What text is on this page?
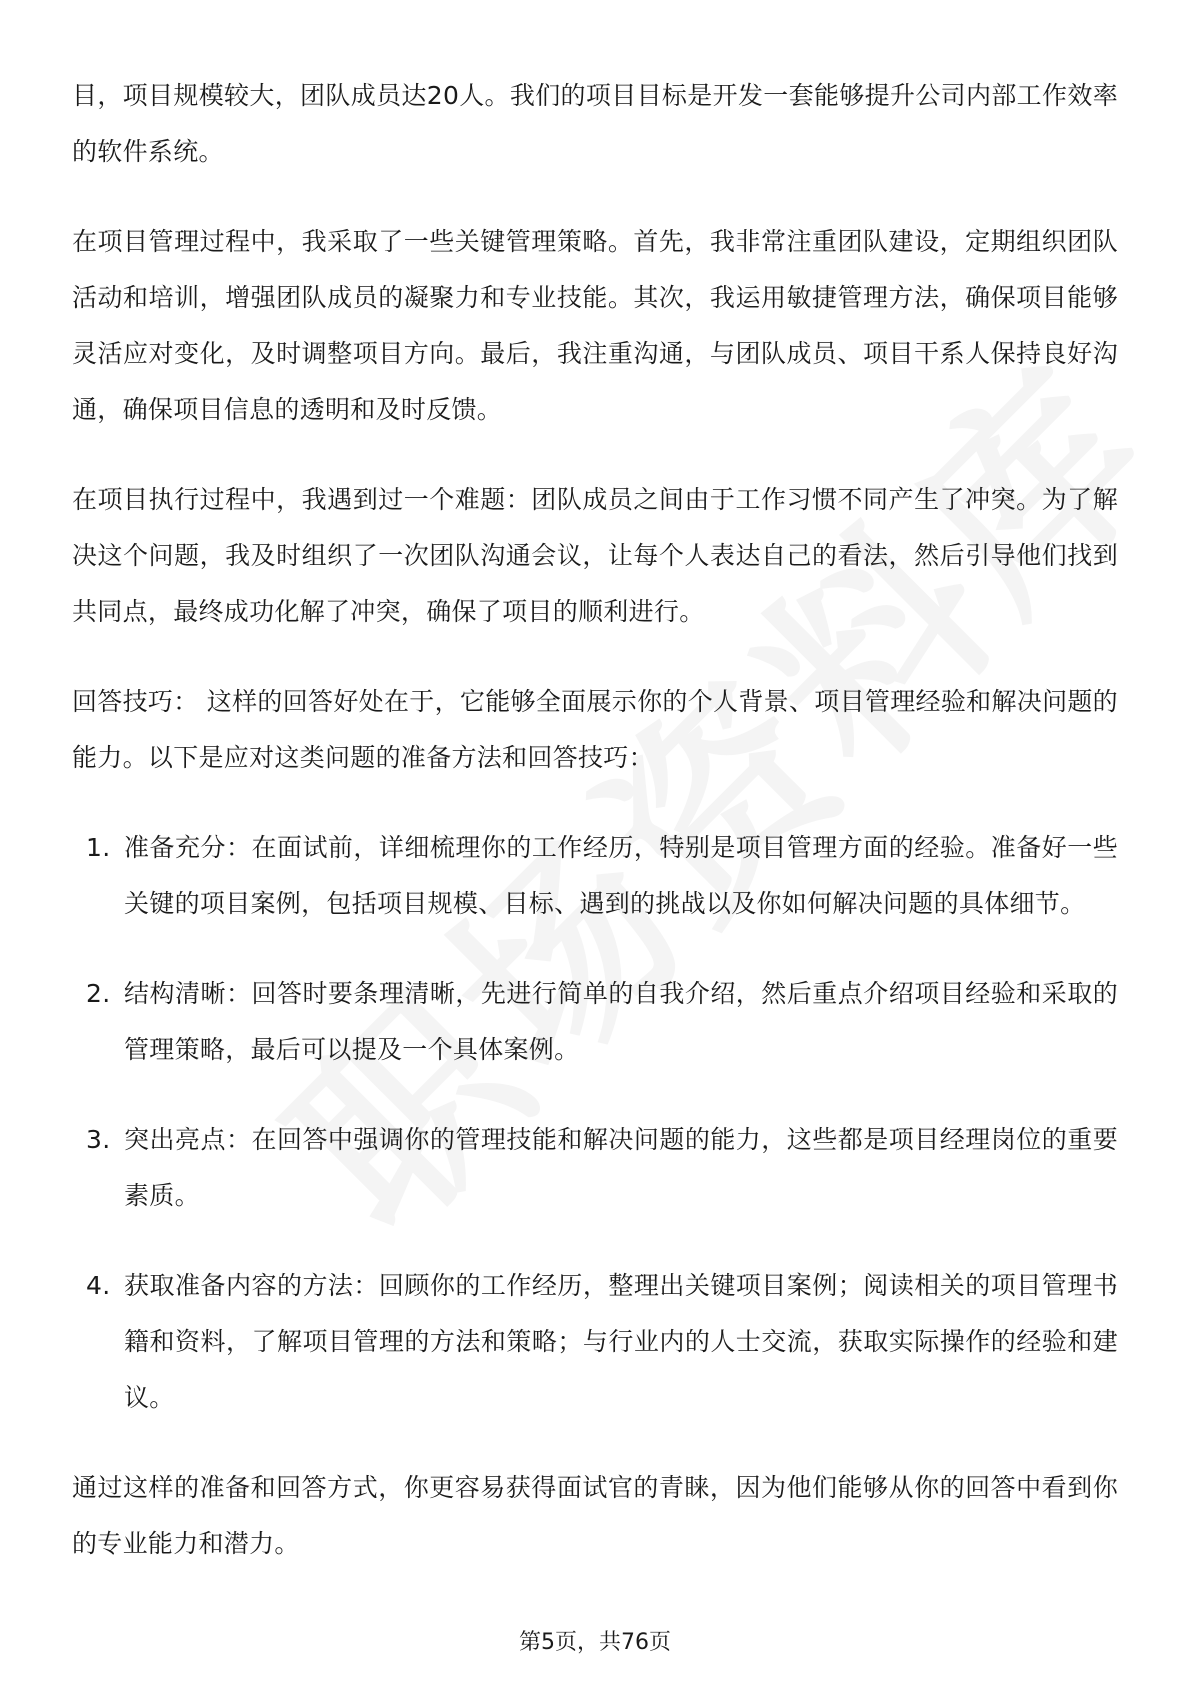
目，项目规模较大，团队成员达20人。我们的项目目标是开发一套能够提升公司内部工作效率的软件系统。

在项目管理过程中，我采取了一些关键管理策略。首先，我非常注重团队建设，定期组织团队活动和培训，增强团队成员的凝聚力和专业技能。其次，我运用敏捷管理方法，确保项目能够灵活应对变化，及时调整项目方向。最后，我注重沟通，与团队成员、项目干系人保持良好沟通，确保项目信息的透明和及时反馈。

在项目执行过程中，我遇到过一个难题：团队成员之间由于工作习惯不同产生了冲突。为了解决这个问题，我及时组织了一次团队沟通会议，让每个人表达自己的看法，然后引导他们找到共同点，最终成功化解了冲突，确保了项目的顺利进行。

回答技巧： 这样的回答好处在于，它能够全面展示你的个人背景、项目管理经验和解决问题的能力。以下是应对这类问题的准备方法和回答技巧：

1. 准备充分：在面试前，详细梳理你的工作经历，特别是项目管理方面的经验。准备好一些关键的项目案例，包括项目规模、目标、遇到的挑战以及你如何解决问题的具体细节。
2. 结构清晰：回答时要条理清晰，先进行简单的自我介绍，然后重点介绍项目经验和采取的管理策略，最后可以提及一个具体案例。
3. 突出亮点：在回答中强调你的管理技能和解决问题的能力，这些都是项目经理岗位的重要素质。
4. 获取准备内容的方法：回顾你的工作经历，整理出关键项目案例；阅读相关的项目管理书籍和资料，了解项目管理的方法和策略；与行业内的人士交流，获取实际操作的经验和建议。

通过这样的准备和回答方式，你更容易获得面试官的青睐，因为他们能够从你的回答中看到你的专业能力和潜力。

第5页，共76页
